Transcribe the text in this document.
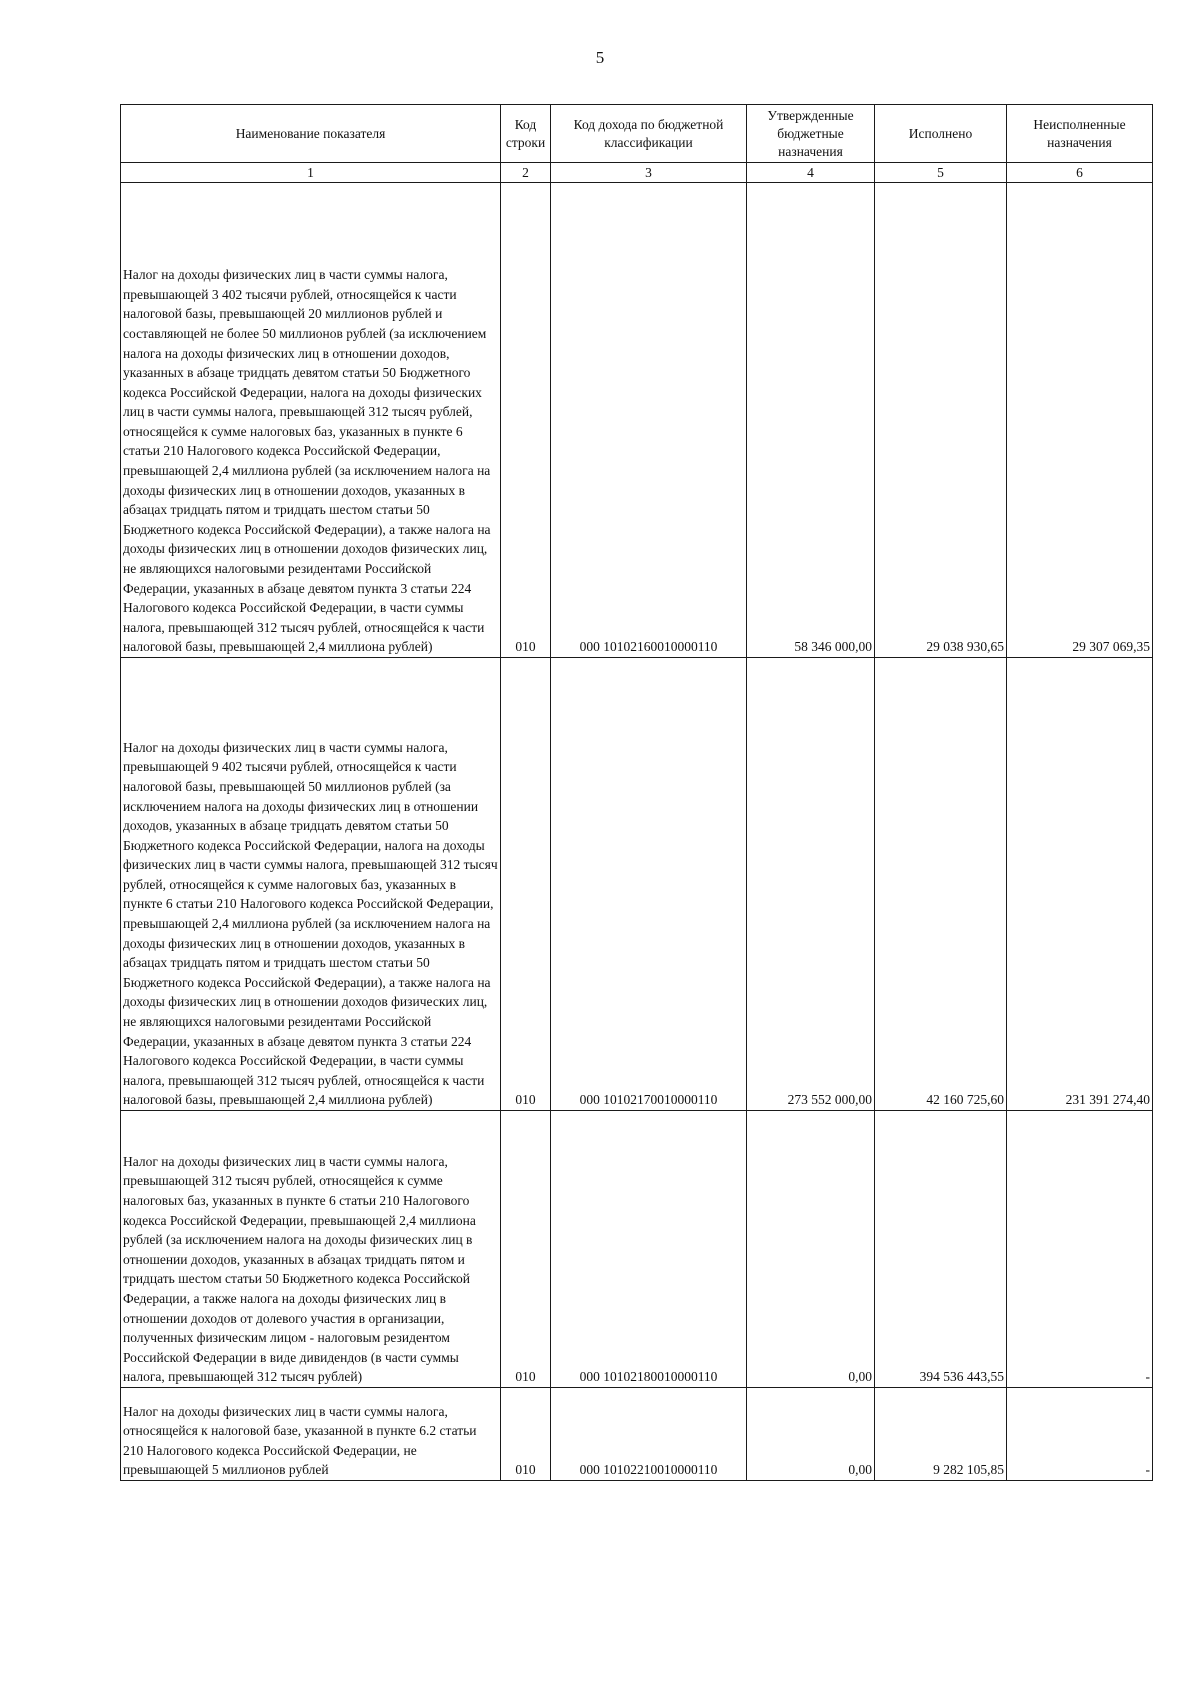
5
Наименование показателя	Код строки	Код дохода по бюджетной классификации	Утвержденные бюджетные назначения	Исполнено	Неисполненные назначения
1	2	3	4	5	6
Налог на доходы физических лиц в части суммы налога, превышающей 3 402 тысячи рублей, относящейся к части налоговой базы, превышающей 20 миллионов рублей и составляющей не более 50 миллионов рублей (за исключением налога на доходы физических лиц в отношении доходов, указанных в абзаце тридцать девятом статьи 50 Бюджетного кодекса Российской Федерации, налога на доходы физических лиц в части суммы налога, превышающей 312 тысяч рублей, относящейся к сумме налоговых баз, указанных в пункте 6 статьи 210 Налогового кодекса Российской Федерации, превышающей 2,4 миллиона рублей (за исключением налога на доходы физических лиц в отношении доходов, указанных в абзацах тридцать пятом и тридцать шестом статьи 50 Бюджетного кодекса Российской Федерации), а также налога на доходы физических лиц в отношении доходов физических лиц, не являющихся налоговыми резидентами Российской Федерации, указанных в абзаце девятом пункта 3 статьи 224 Налогового кодекса Российской Федерации, в части суммы налога, превышающей 312 тысяч рублей, относящейся к части налоговой базы, превышающей 2,4 миллиона рублей)	010	000 10102160010000110	58 346 000,00	29 038 930,65	29 307 069,35
Налог на доходы физических лиц в части суммы налога, превышающей 9 402 тысячи рублей, относящейся к части налоговой базы, превышающей 50 миллионов рублей (за исключением налога на доходы физических лиц в отношении доходов, указанных в абзаце тридцать девятом статьи 50 Бюджетного кодекса Российской Федерации, налога на доходы физических лиц в части суммы налога, превышающей 312 тысяч рублей, относящейся к сумме налоговых баз, указанных в пункте 6 статьи 210 Налогового кодекса Российской Федерации, превышающей 2,4 миллиона рублей (за исключением налога на доходы физических лиц в отношении доходов, указанных в абзацах тридцать пятом и тридцать шестом статьи 50 Бюджетного кодекса Российской Федерации), а также налога на доходы физических лиц в отношении доходов физических лиц, не являющихся налоговыми резидентами Российской Федерации, указанных в абзаце девятом пункта 3 статьи 224 Налогового кодекса Российской Федерации, в части суммы налога, превышающей 312 тысяч рублей, относящейся к части налоговой базы, превышающей 2,4 миллиона рублей)	010	000 10102170010000110	273 552 000,00	42 160 725,60	231 391 274,40
Налог на доходы физических лиц в части суммы налога, превышающей 312 тысяч рублей, относящейся к сумме налоговых баз, указанных в пункте 6 статьи 210 Налогового кодекса Российской Федерации, превышающей 2,4 миллиона рублей (за исключением налога на доходы физических лиц в отношении доходов, указанных в абзацах тридцать пятом и тридцать шестом статьи 50 Бюджетного кодекса Российской Федерации, а также налога на доходы физических лиц в отношении доходов от долевого участия в организации, полученных физическим лицом - налоговым резидентом Российской Федерации в виде дивидендов (в части суммы налога, превышающей 312 тысяч рублей)	010	000 10102180010000110	0,00	394 536 443,55	-
Налог на доходы физических лиц в части суммы налога, относящейся к налоговой базе, указанной в пункте 6.2 статьи 210 Налогового кодекса Российской Федерации, не превышающей 5 миллионов рублей	010	000 10102210010000110	0,00	9 282 105,85	-
